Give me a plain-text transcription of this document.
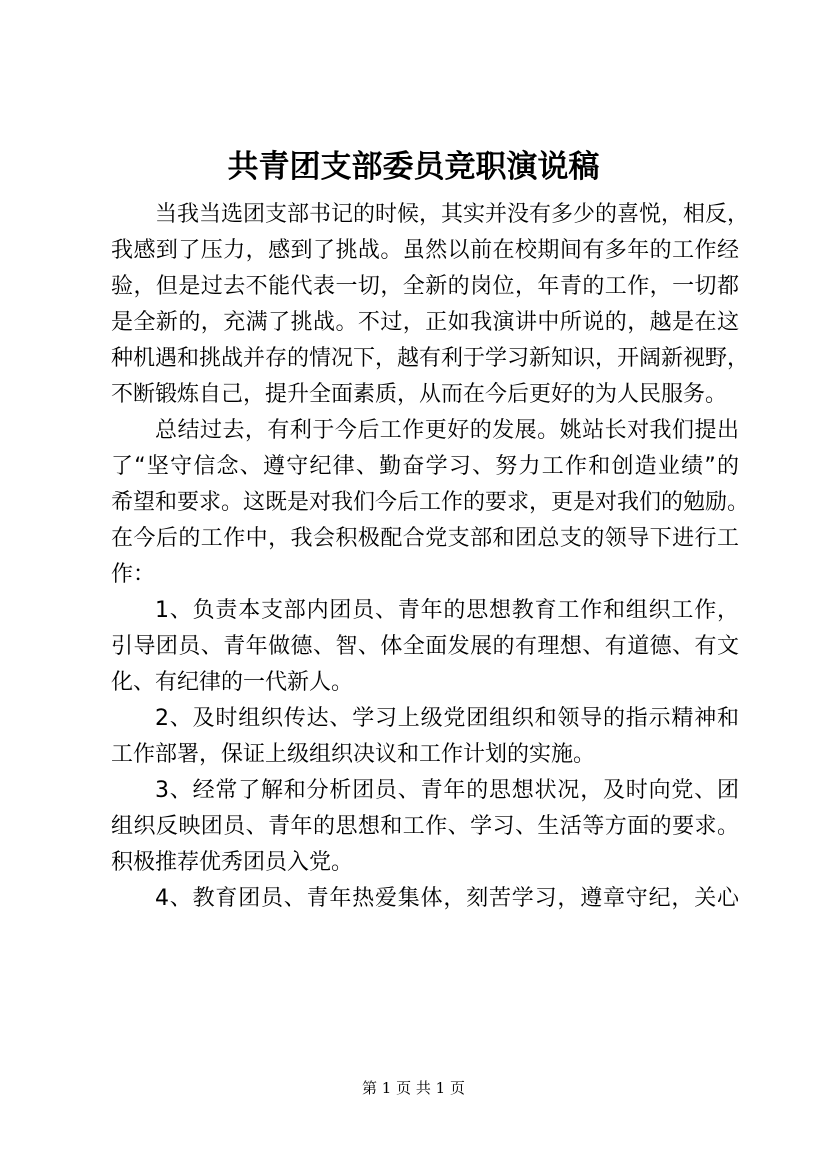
共青团支部委员竞职演说稿
当我当选团支部书记的时候，其实并没有多少的喜悦，相反，
我感到了压力，感到了挑战。虽然以前在校期间有多年的工作经
验，但是过去不能代表一切，全新的岗位，年青的工作，一切都
是全新的，充满了挑战。不过，正如我演讲中所说的，越是在这
种机遇和挑战并存的情况下，越有利于学习新知识，开阔新视野，
不断锻炼自己，提升全面素质，从而在今后更好的为人民服务。
总结过去，有利于今后工作更好的发展。姚站长对我们提出
了“坚守信念、遵守纪律、勤奋学习、努力工作和创造业绩”的
希望和要求。这既是对我们今后工作的要求，更是对我们的勉励。
在今后的工作中，我会积极配合党支部和团总支的领导下进行工
作：
1、负责本支部内团员、青年的思想教育工作和组织工作，
引导团员、青年做德、智、体全面发展的有理想、有道德、有文
化、有纪律的一代新人。
2、及时组织传达、学习上级党团组织和领导的指示精神和
工作部署，保证上级组织决议和工作计划的实施。
3、经常了解和分析团员、青年的思想状况，及时向党、团
组织反映团员、青年的思想和工作、学习、生活等方面的要求。
积极推荐优秀团员入党。
4、教育团员、青年热爱集体，刻苦学习，遵章守纪，关心
第 1 页 共 1 页
